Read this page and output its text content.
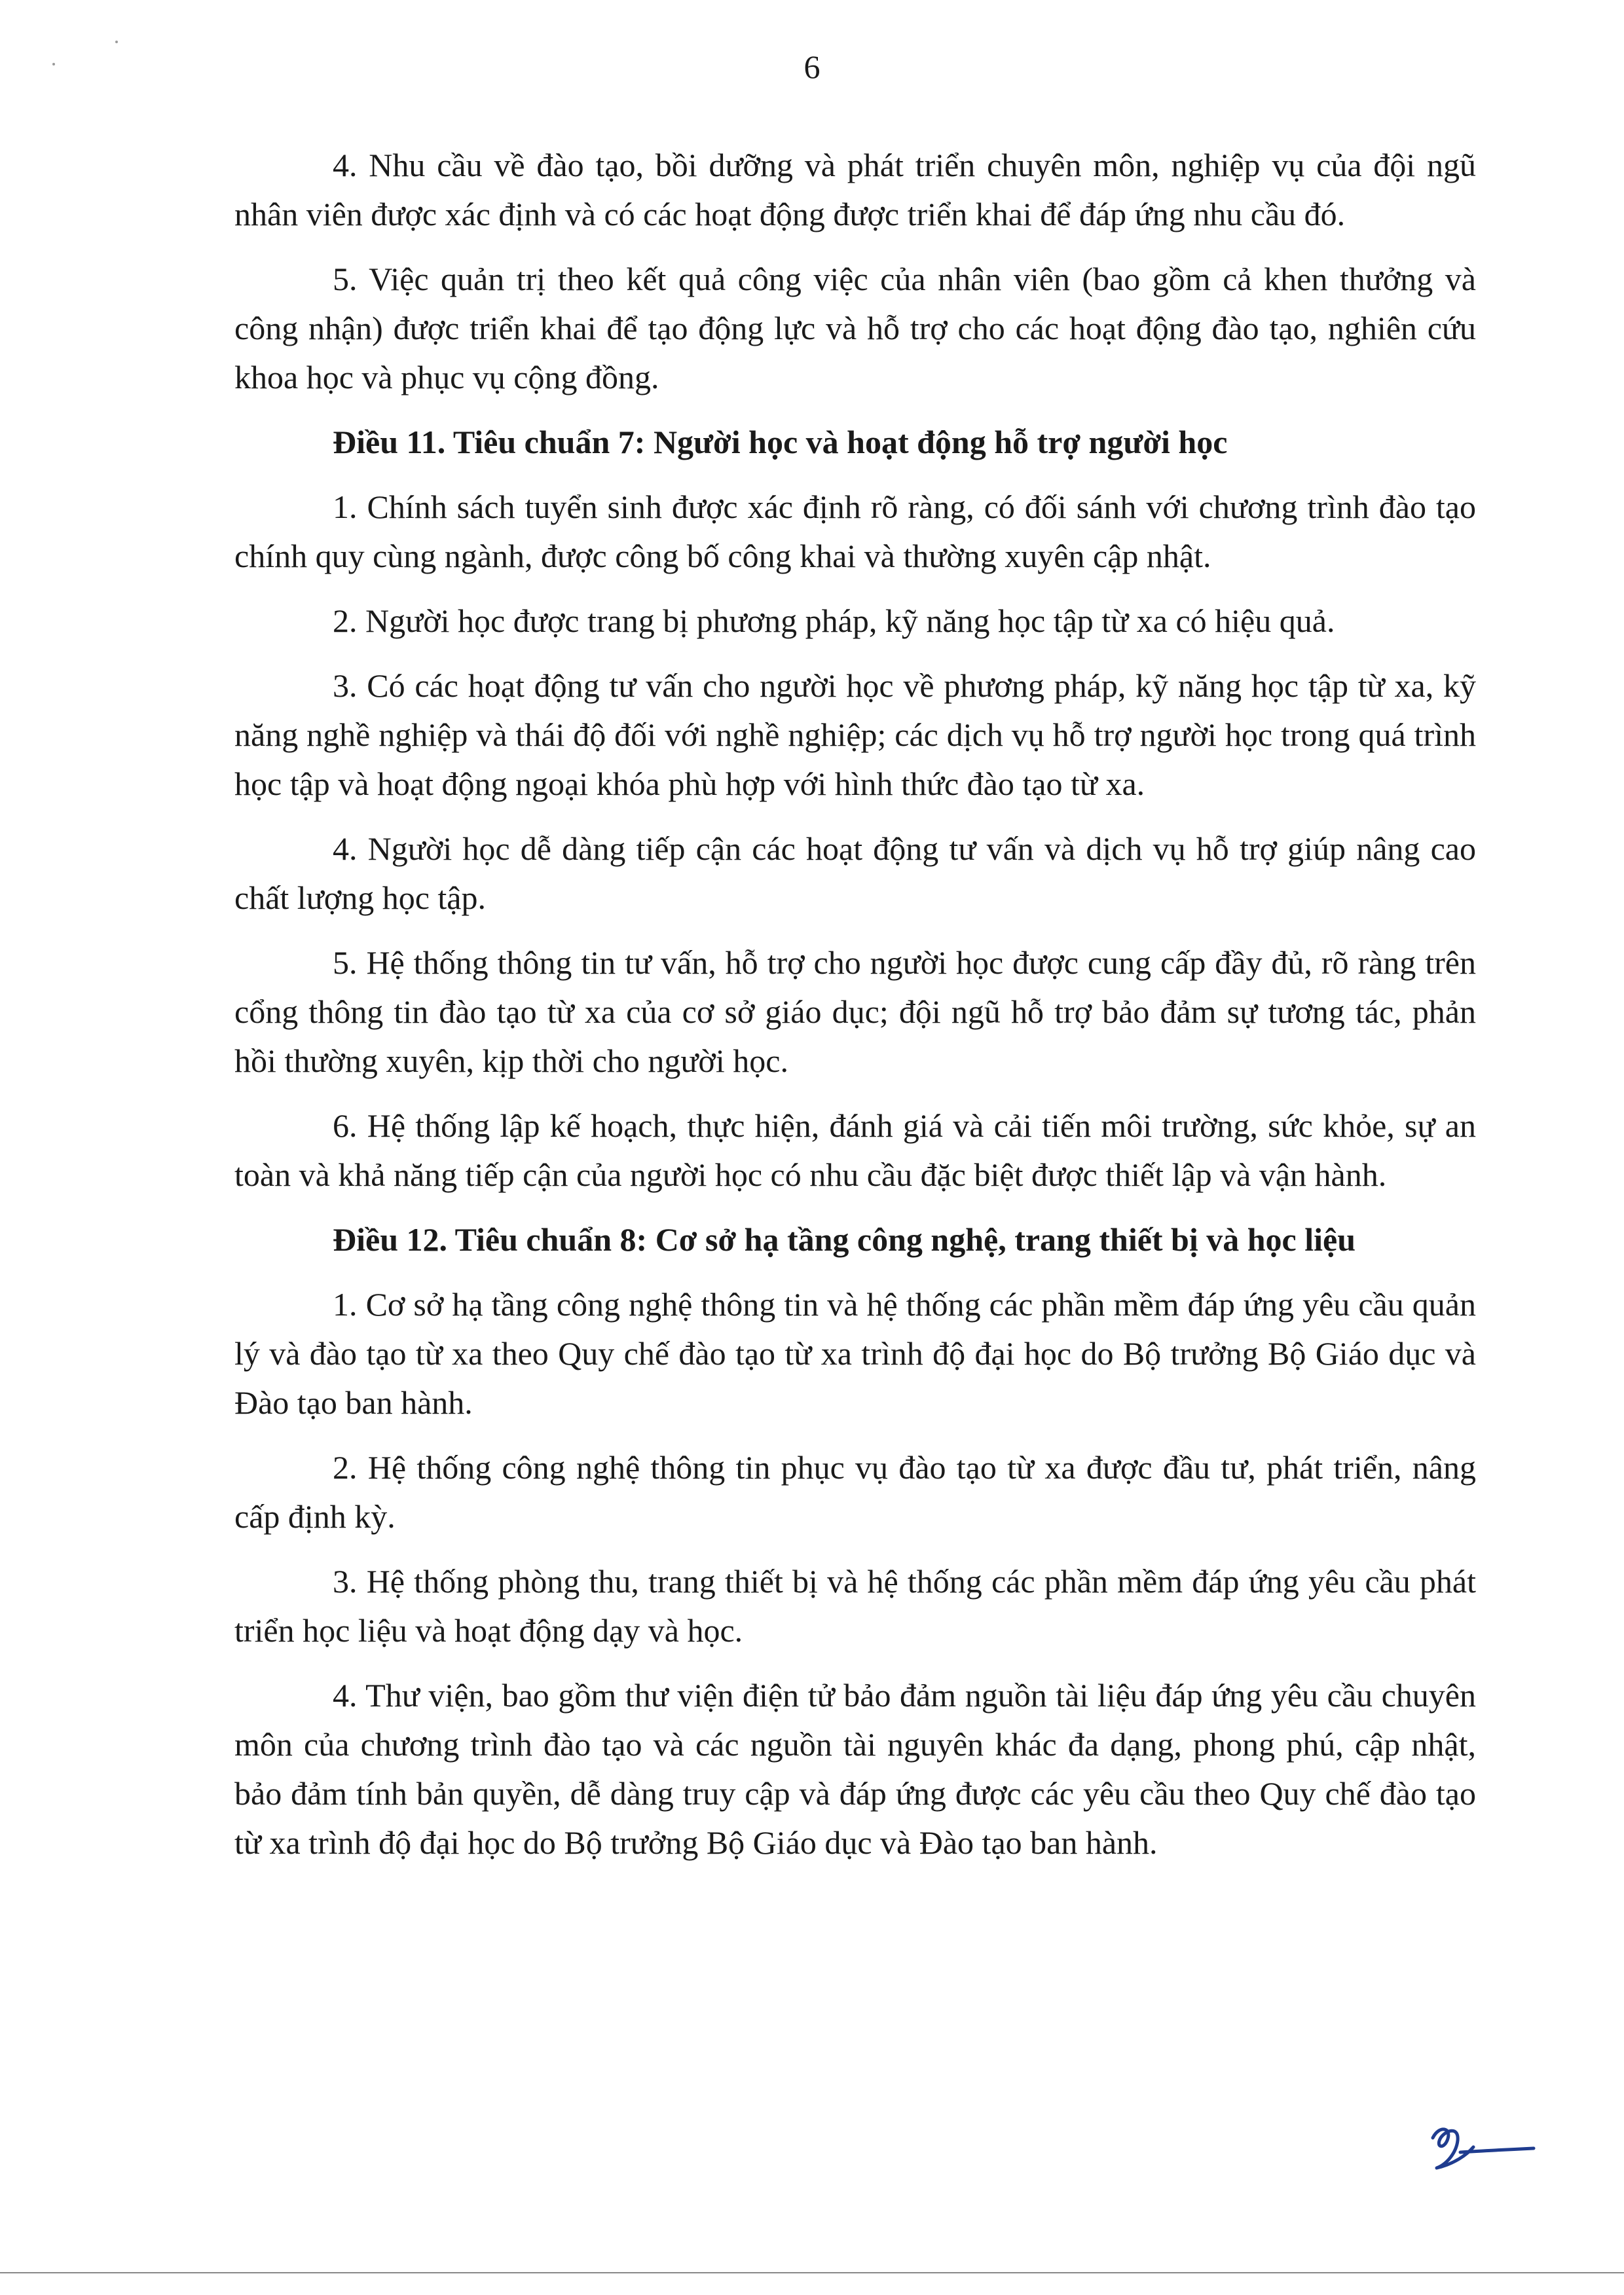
6

4. Nhu cầu về đào tạo, bồi dưỡng và phát triển chuyên môn, nghiệp vụ của đội ngũ nhân viên được xác định và có các hoạt động được triển khai để đáp ứng nhu cầu đó.

5. Việc quản trị theo kết quả công việc của nhân viên (bao gồm cả khen thưởng và công nhận) được triển khai để tạo động lực và hỗ trợ cho các hoạt động đào tạo, nghiên cứu khoa học và phục vụ cộng đồng.

Điều 11. Tiêu chuẩn 7: Người học và hoạt động hỗ trợ người học

1. Chính sách tuyển sinh được xác định rõ ràng, có đối sánh với chương trình đào tạo chính quy cùng ngành, được công bố công khai và thường xuyên cập nhật.

2. Người học được trang bị phương pháp, kỹ năng học tập từ xa có hiệu quả.

3. Có các hoạt động tư vấn cho người học về phương pháp, kỹ năng học tập từ xa, kỹ năng nghề nghiệp và thái độ đối với nghề nghiệp; các dịch vụ hỗ trợ người học trong quá trình học tập và hoạt động ngoại khóa phù hợp với hình thức đào tạo từ xa.

4. Người học dễ dàng tiếp cận các hoạt động tư vấn và dịch vụ hỗ trợ giúp nâng cao chất lượng học tập.

5. Hệ thống thông tin tư vấn, hỗ trợ cho người học được cung cấp đầy đủ, rõ ràng trên cổng thông tin đào tạo từ xa của cơ sở giáo dục; đội ngũ hỗ trợ bảo đảm sự tương tác, phản hồi thường xuyên, kịp thời cho người học.

6. Hệ thống lập kế hoạch, thực hiện, đánh giá và cải tiến môi trường, sức khỏe, sự an toàn và khả năng tiếp cận của người học có nhu cầu đặc biệt được thiết lập và vận hành.

Điều 12. Tiêu chuẩn 8: Cơ sở hạ tầng công nghệ, trang thiết bị và học liệu

1. Cơ sở hạ tầng công nghệ thông tin và hệ thống các phần mềm đáp ứng yêu cầu quản lý và đào tạo từ xa theo Quy chế đào tạo từ xa trình độ đại học do Bộ trưởng Bộ Giáo dục và Đào tạo ban hành.

2. Hệ thống công nghệ thông tin phục vụ đào tạo từ xa được đầu tư, phát triển, nâng cấp định kỳ.

3. Hệ thống phòng thu, trang thiết bị và hệ thống các phần mềm đáp ứng yêu cầu phát triển học liệu và hoạt động dạy và học.

4. Thư viện, bao gồm thư viện điện tử bảo đảm nguồn tài liệu đáp ứng yêu cầu chuyên môn của chương trình đào tạo và các nguồn tài nguyên khác đa dạng, phong phú, cập nhật, bảo đảm tính bản quyền, dễ dàng truy cập và đáp ứng được các yêu cầu theo Quy chế đào tạo từ xa trình độ đại học do Bộ trưởng Bộ Giáo dục và Đào tạo ban hành.
